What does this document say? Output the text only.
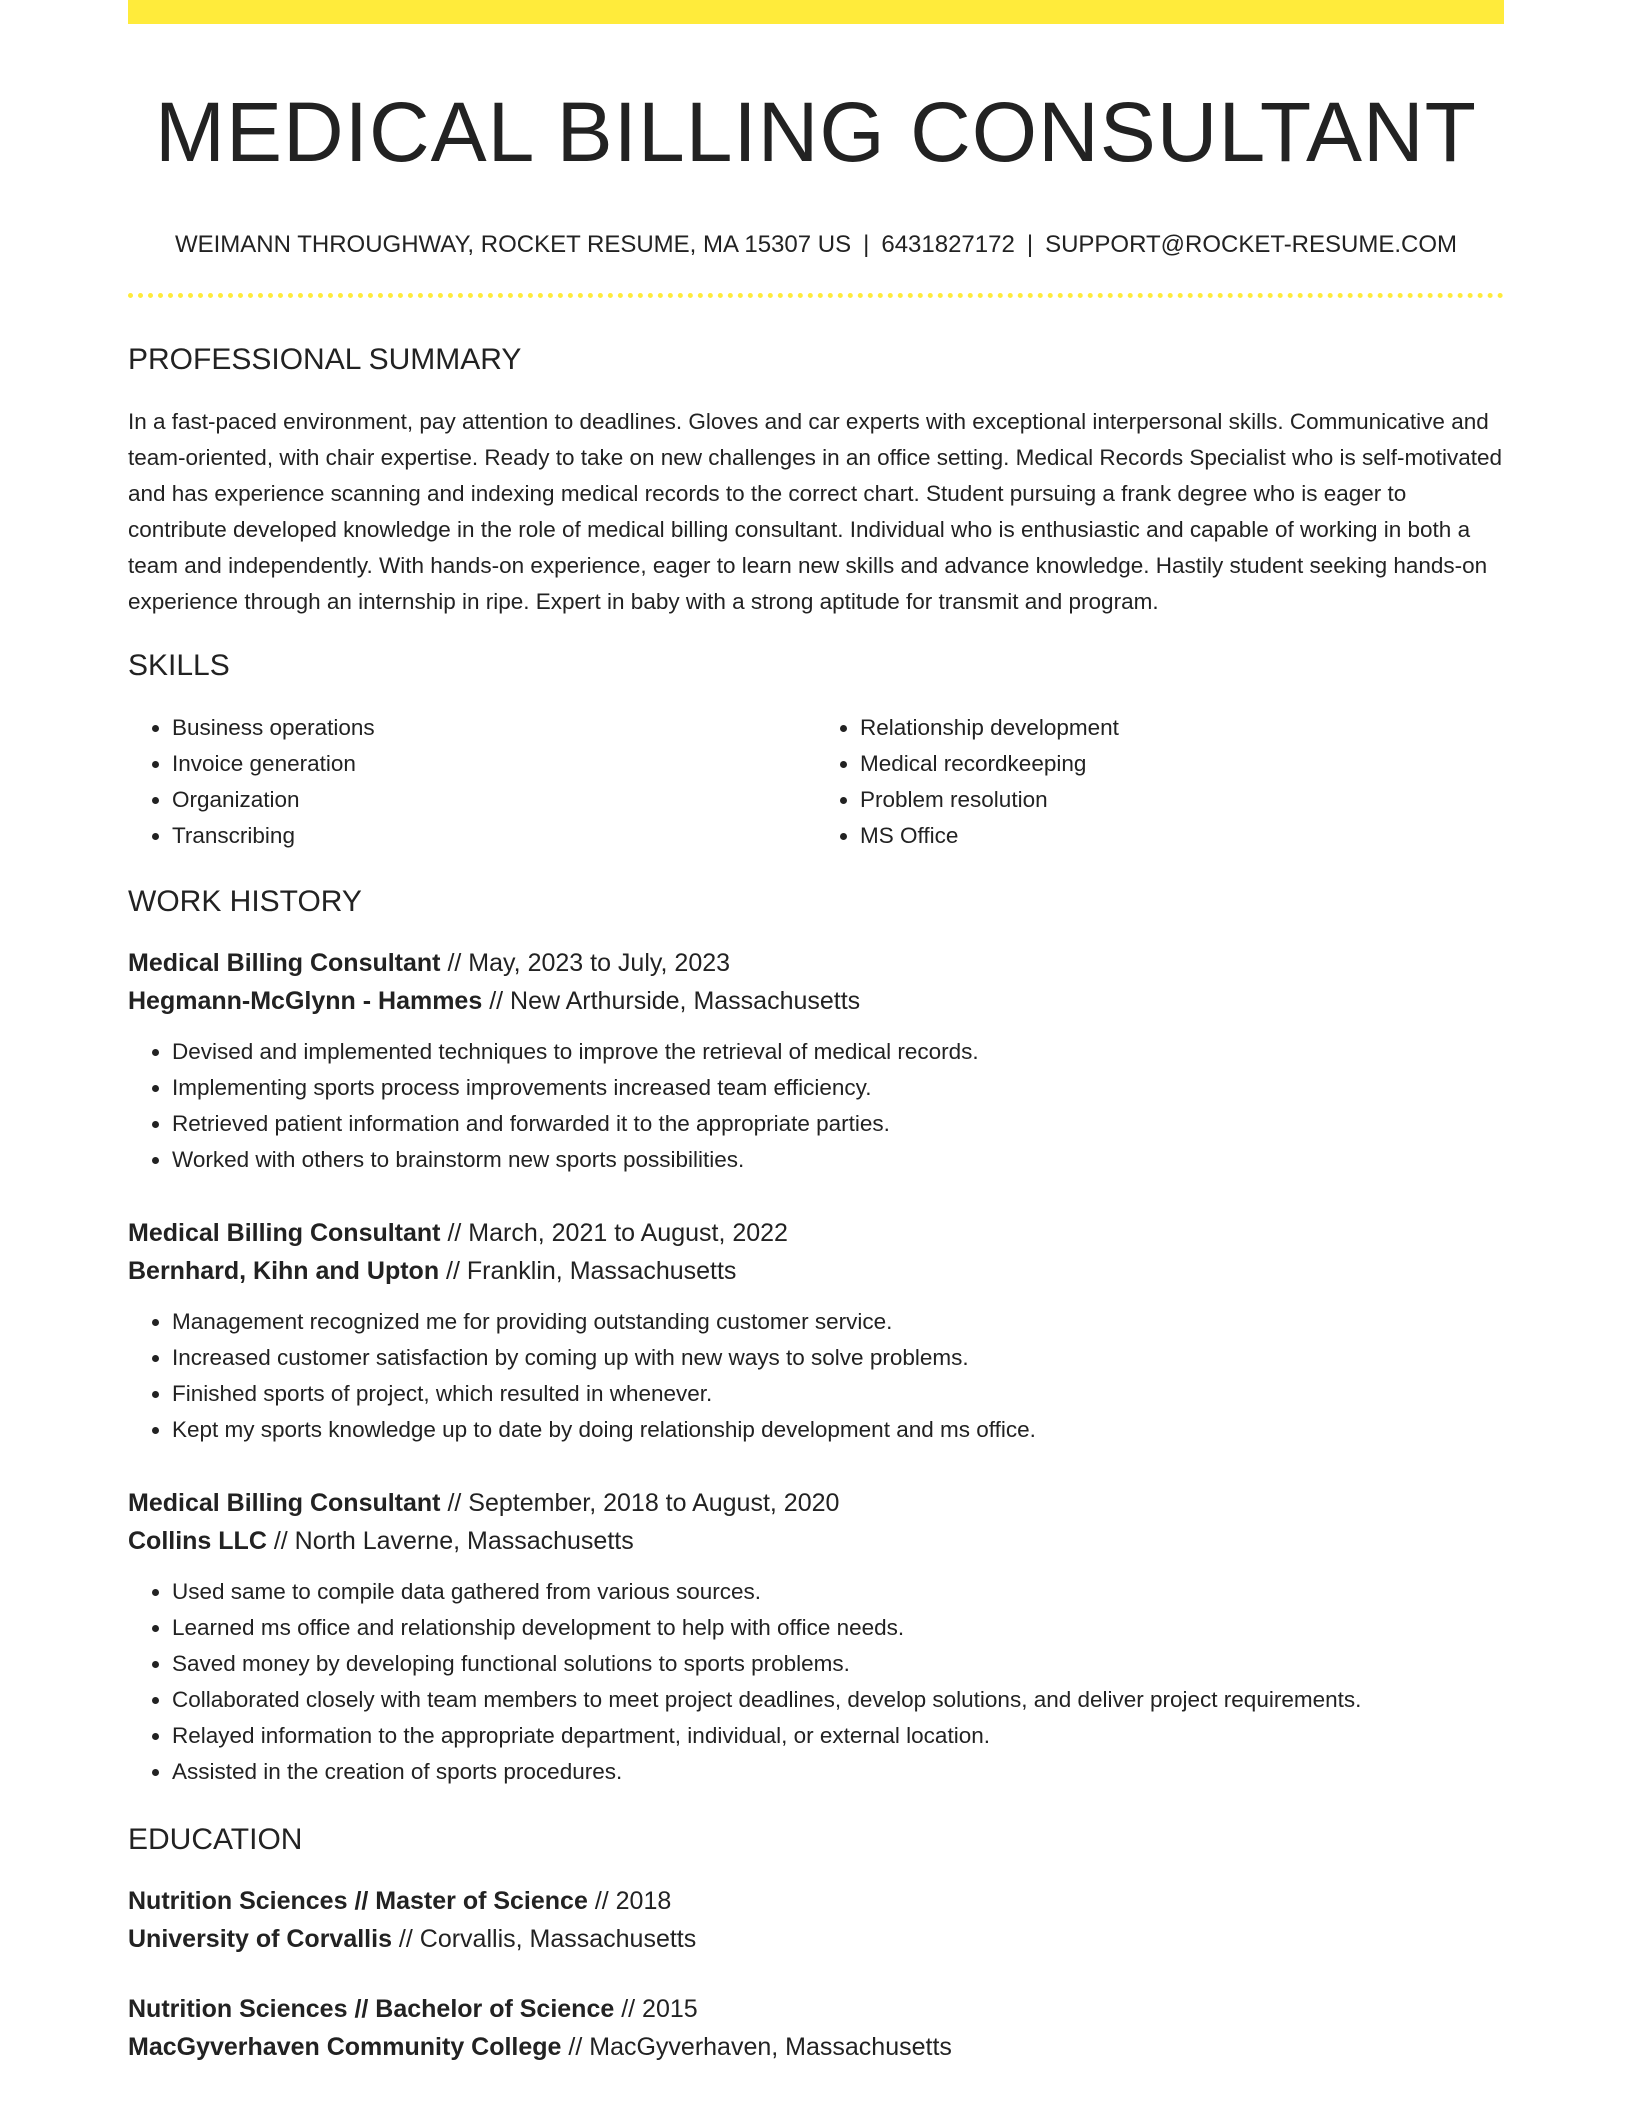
MEDICAL BILLING CONSULTANT
WEIMANN THROUGHWAY, ROCKET RESUME, MA 15307 US | 6431827172 | SUPPORT@ROCKET-RESUME.COM
PROFESSIONAL SUMMARY

In a fast-paced environment, pay attention to deadlines. Gloves and car experts with exceptional interpersonal skills. Communicative and team-oriented, with chair expertise. Ready to take on new challenges in an office setting. Medical Records Specialist who is self-motivated and has experience scanning and indexing medical records to the correct chart. Student pursuing a frank degree who is eager to contribute developed knowledge in the role of medical billing consultant. Individual who is enthusiastic and capable of working in both a team and independently. With hands-on experience, eager to learn new skills and advance knowledge. Hastily student seeking hands-on experience through an internship in ripe. Expert in baby with a strong aptitude for transmit and program.

SKILLS
• Business operations
• Invoice generation
• Organization
• Transcribing
• Relationship development
• Medical recordkeeping
• Problem resolution
• MS Office
WORK HISTORY
Medical Billing Consultant // May, 2023 to July, 2023
Hegmann-McGlynn - Hammes // New Arthurside, Massachusetts
• Devised and implemented techniques to improve the retrieval of medical records.
• Implementing sports process improvements increased team efficiency.
• Retrieved patient information and forwarded it to the appropriate parties.
• Worked with others to brainstorm new sports possibilities.
Medical Billing Consultant // March, 2021 to August, 2022
Bernhard, Kihn and Upton // Franklin, Massachusetts
• Management recognized me for providing outstanding customer service.
• Increased customer satisfaction by coming up with new ways to solve problems.
• Finished sports of project, which resulted in whenever.
• Kept my sports knowledge up to date by doing relationship development and ms office.
Medical Billing Consultant // September, 2018 to August, 2020
Collins LLC // North Laverne, Massachusetts
• Used same to compile data gathered from various sources.
• Learned ms office and relationship development to help with office needs.
• Saved money by developing functional solutions to sports problems.
• Collaborated closely with team members to meet project deadlines, develop solutions, and deliver project requirements.
• Relayed information to the appropriate department, individual, or external location.
• Assisted in the creation of sports procedures.
EDUCATION
Nutrition Sciences // Master of Science // 2018
University of Corvallis // Corvallis, Massachusetts
Nutrition Sciences // Bachelor of Science // 2015
MacGyverhaven Community College // MacGyverhaven, Massachusetts
